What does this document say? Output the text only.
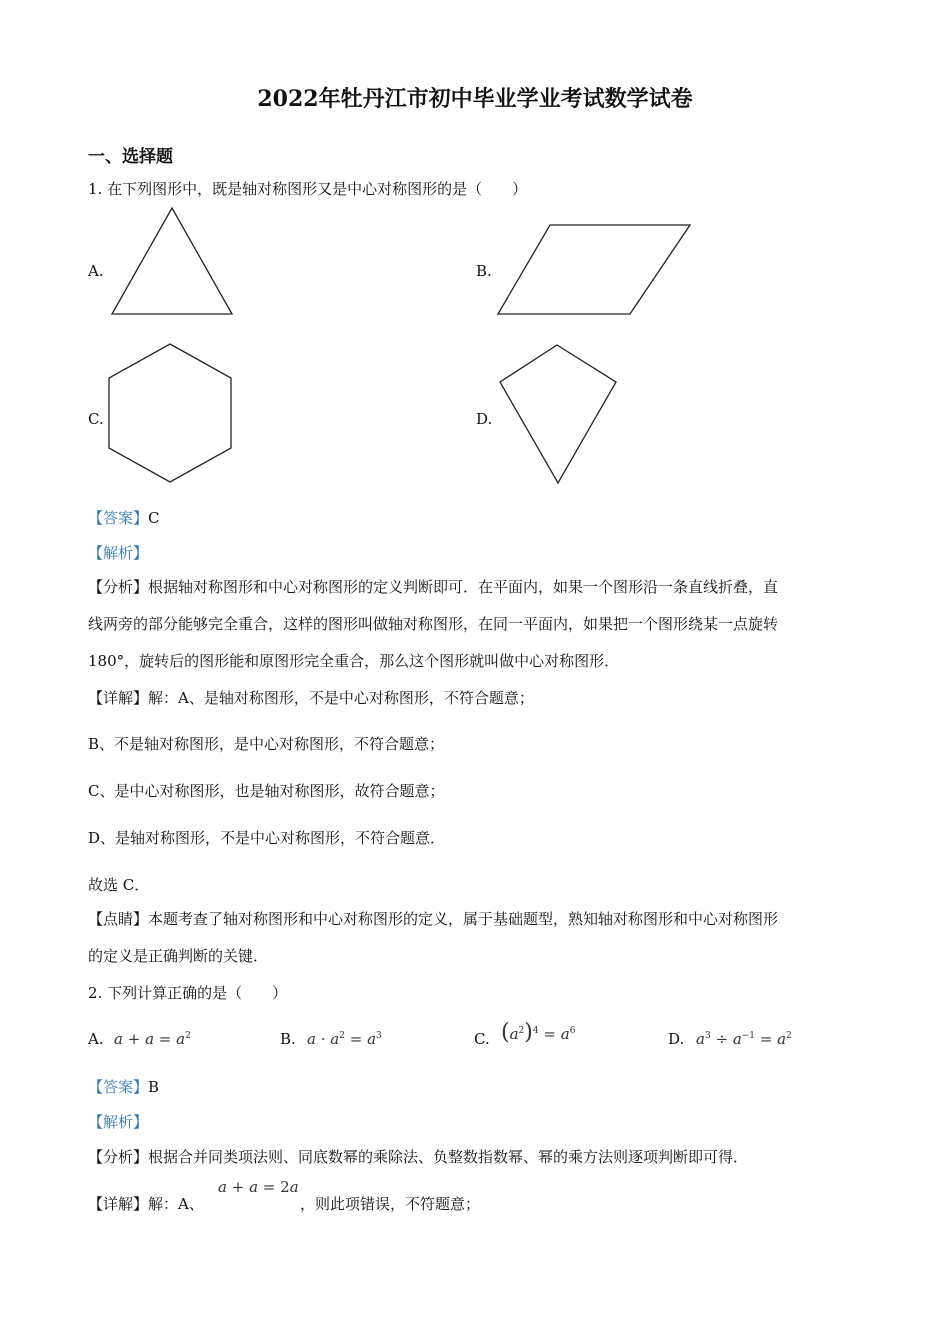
2022年牡丹江市初中毕业学业考试数学试卷
一、选择题
1. 在下列图形中，既是轴对称图形又是中心对称图形的是（　　）
A.	B.
C.	D.
【答案】C
【解析】
【分析】根据轴对称图形和中心对称图形的定义判断即可．在平面内，如果一个图形沿一条直线折叠，直
线两旁的部分能够完全重合，这样的图形叫做轴对称图形，在同一平面内，如果把一个图形绕某一点旋转
180°，旋转后的图形能和原图形完全重合，那么这个图形就叫做中心对称图形．
【详解】解：A、是轴对称图形，不是中心对称图形，不符合题意；
B、不是轴对称图形，是中心对称图形，不符合题意；
C、是中心对称图形，也是轴对称图形，故符合题意；
D、是轴对称图形，不是中心对称图形，不符合题意．
故选 C．
【点睛】本题考查了轴对称图形和中心对称图形的定义，属于基础题型，熟知轴对称图形和中心对称图形
的定义是正确判断的关键．
2. 下列计算正确的是（　　）
A. $a + a = a^2$	B. $a \cdot a^2 = a^3$	C. $(a^2)^4 = a^6$	D. $a^3 \div a^{-1} = a^2$
【答案】B
【解析】
【分析】根据合并同类项法则、同底数幂的乘除法、负整数指数幂、幂的乘方法则逐项判断即可得．
【详解】解：A、
a + a = 2a
，则此项错误，不符题意；
